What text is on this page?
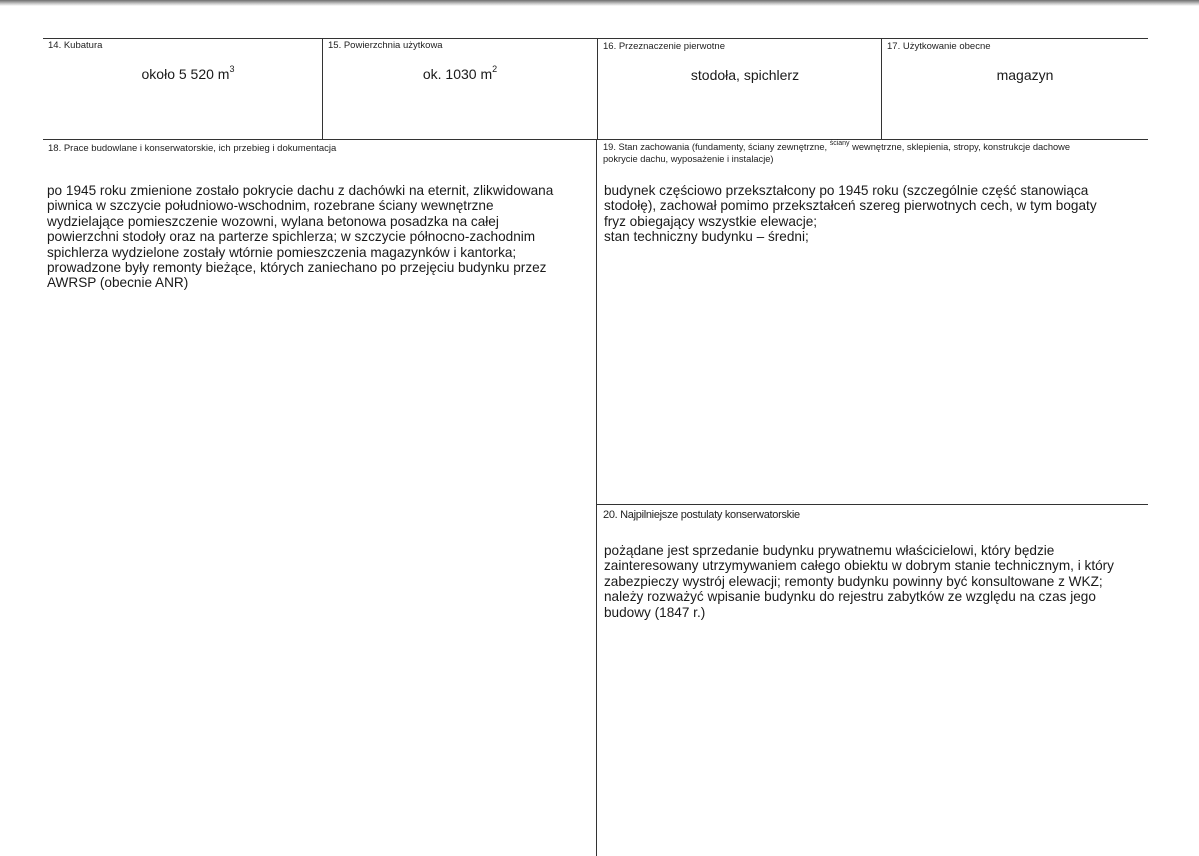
14. Kubatura
około 5 520 $m^3$
15. Powierzchnia użytkowa
ok. 1030 $m^2$
16. Przeznaczenie pierwotne
stodoła, spichlerz
17. Użytkowanie obecne
magazyn
18. Prace budowlane i konserwatorskie, ich przebieg i dokumentacja
po 1945 roku zmienione zostało pokrycie dachu z dachówki na eternit, zlikwidowana
piwnica w szczycie południowo-wschodnim, rozebrane ściany wewnętrzne
wydzielające pomieszczenie wozowni, wylana betonowa posadzka na całej
powierzchni stodoły oraz na parterze spichlerza; w szczycie północno-zachodnim
spichlerza wydzielone zostały wtórnie pomieszczenia magazynków i kantorka;
prowadzone były remonty bieżące, których zaniechano po przejęciu budynku przez
AWRSP (obecnie ANR)
19. Stan zachowania (fundamenty, ściany zewnętrzne, $^{ściany}$ wewnętrzne, sklepienia, stropy, konstrukcje dachowe
pokrycie dachu, wyposażenie i instalacje)
budynek częściowo przekształcony po 1945 roku (szczególnie część stanowiąca
stodołę), zachował pomimo przekształceń szereg pierwotnych cech, w tym bogaty
fryz obiegający wszystkie elewacje;
stan techniczny budynku – średni;
20. Najpilniejsze postulaty konserwatorskie
pożądane jest sprzedanie budynku prywatnemu właścicielowi, który będzie
zainteresowany utrzymywaniem całego obiektu w dobrym stanie technicznym, i który
zabezpieczy wystrój elewacji; remonty budynku powinny być konsultowane z WKZ;
należy rozważyć wpisanie budynku do rejestru zabytków ze względu na czas jego
budowy (1847 r.)
